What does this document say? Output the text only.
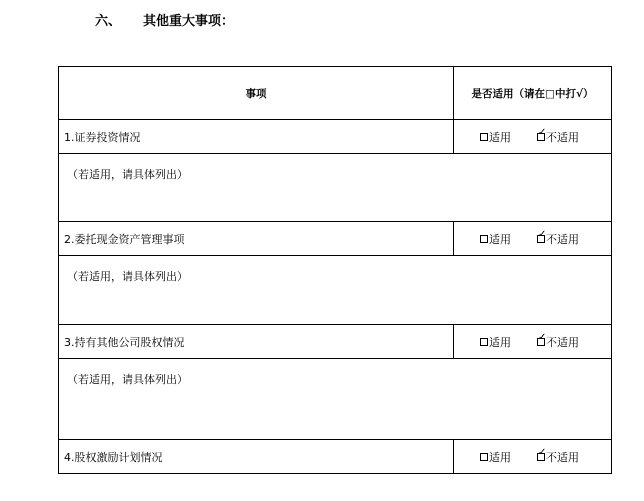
六、 其他重大事项：
事项	是否适用（请在□中打√）
1.证券投资情况	适用 ✓ 不适用

（若适用，请具体列出）	
2.委托现金资产管理事项	适用 ✓ 不适用

（若适用，请具体列出）	
3.持有其他公司股权情况	适用 ✓ 不适用

（若适用，请具体列出）	
4.股权激励计划情况	适用 ✓ 不适用
